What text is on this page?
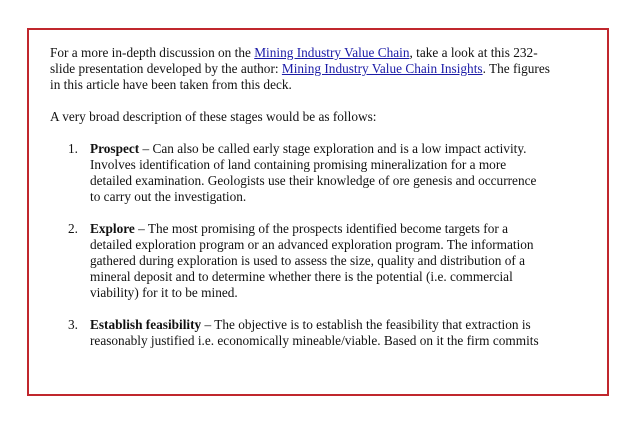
For a more in-depth discussion on the Mining Industry Value Chain, take a look at this 232-slide presentation developed by the author: Mining Industry Value Chain Insights. The figures in this article have been taken from this deck.

A very broad description of these stages would be as follows:

1. Prospect – Can also be called early stage exploration and is a low impact activity. Involves identification of land containing promising mineralization for a more detailed examination. Geologists use their knowledge of ore genesis and occurrence to carry out the investigation.
2. Explore – The most promising of the prospects identified become targets for a detailed exploration program or an advanced exploration program. The information gathered during exploration is used to assess the size, quality and distribution of a mineral deposit and to determine whether there is the potential (i.e. commercial viability) for it to be mined.
3. Establish feasibility – The objective is to establish the feasibility that extraction is reasonably justified i.e. economically mineable/viable. Based on it the firm commits
